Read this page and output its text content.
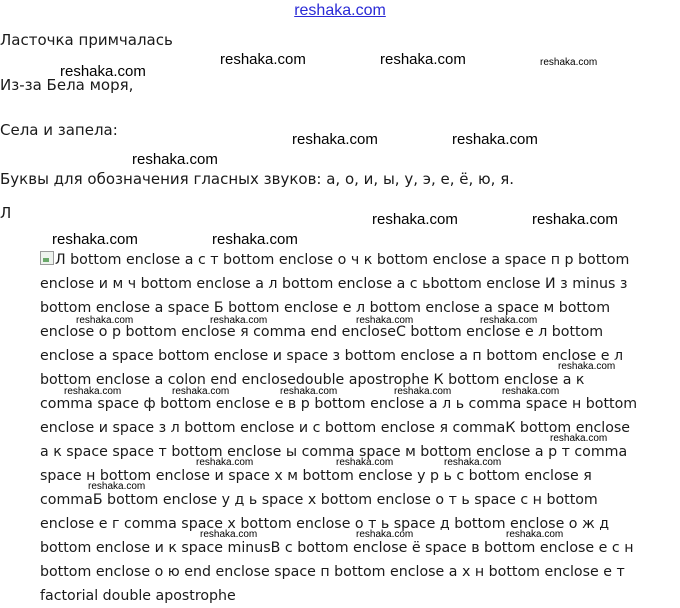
reshaka.com
Ласточка примчалась
Из-за Бела моря,
Села и запела:
Буквы для обозначения гласных звуков: а, о, и, ы, у, э, е, ё, ю, я.
Л
Л bottom enclose а с т bottom enclose о ч к bottom enclose а space п р bottom enclose и м ч bottom enclose а л bottom enclose а с ьbottom enclose И з minus з bottom enclose а space Б bottom enclose е л bottom enclose а space м bottom enclose о р bottom enclose я comma end encloseС bottom enclose е л bottom enclose а space bottom enclose и space з bottom enclose а п bottom enclose е л bottom enclose а colon end enclosedouble apostrophe К bottom enclose а к comma space ф bottom enclose е в р bottom enclose а л ь comma space н bottom enclose и space з л bottom enclose и с bottom enclose я commaК bottom enclose а к space space т bottom enclose ы comma space м bottom enclose а р т comma space н bottom enclose и space х м bottom enclose у р ь с bottom enclose я commaБ bottom enclose у д ь space х bottom enclose о т ь space с н bottom enclose е г comma space х bottom enclose о т ь space д bottom enclose о ж д bottom enclose и к space minusВ с bottom enclose ё space в bottom enclose е с н bottom enclose о ю end enclose space п bottom enclose а х н bottom enclose е т factorial double apostrophe
reshaka.com
reshaka.com	reshaka.com	reshaka.com
reshaka.com	reshaka.com
reshaka.com
reshaka.com	reshaka.com
reshaka.com	reshaka.com
reshaka.com	reshaka.com	reshaka.com	reshaka.com
reshaka.com
reshaka.com	reshaka.com	reshaka.com	reshaka.com	reshaka.com
reshaka.com
reshaka.com	reshaka.com	reshaka.com
reshaka.com
reshaka.com	reshaka.com	reshaka.com
